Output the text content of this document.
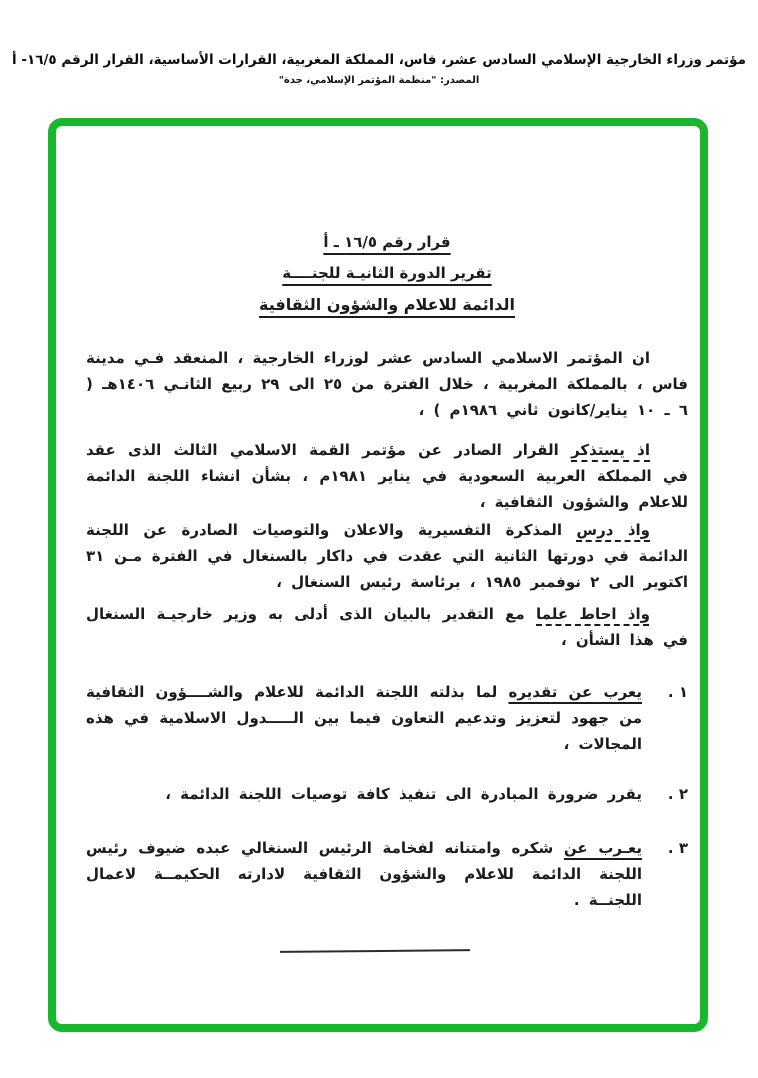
مؤتمر وزراء الخارجية الإسلامي السادس عشر، فاس، المملكة المغربية، القرارات الأساسية، القرار الرقم ١٦/٥- أ
المصدر: "منظمة المؤتمر الإسلامي، جدة"
قرار رقم ١٦/٥ ـ أ
تقرير الدورة الثانيـة للجنــــة
الدائمة للاعلام والشؤون الثقافية

ان المؤتمر الاسلامي السادس عشر لوزراء الخارجية ، المنعقد فـي مدينة فاس ، بالمملكة المغربية ، خلال الفترة من ٢٥ الى ٢٩ ربيع الثانـي ١٤٠٦هـ ( ٦ ـ ١٠ يناير/كانون ثاني ١٩٨٦م ) ،

اذ يستذكر القرار الصادر عن مؤتمر القمة الاسلامي الثالث الذى عقد في المملكة العربية السعودية في يناير ١٩٨١م ، بشأن انشاء اللجنة الدائمة للاعلام والشؤون الثقافية ،

واذ درس المذكرة التفسيرية والاعلان والتوصيات الصادرة عن اللجنة الدائمة في دورتها الثانية التي عقدت في داكار بالسنغال في الفترة مـن ٣١ اكتوبر الى ٢ نوفمبر ١٩٨٥ ، برئاسة رئيس السنغال ،

واذ احاط علما مع التقدير بالبيان الذى أدلى به وزير خارجيـة السنغال في هذا الشأن ،

١ .
يعرب عن تقديره لما بذلته اللجنة الدائمة للاعلام والشــــؤون الثقافية من جهود لتعزيز وتدعيم التعاون فيما بين الـــــدول الاسلامية في هذه المجالات ،
٢ .
يقرر ضرورة المبادرة الى تنفيذ كافة توصيات اللجنة الدائمة ،
٣ .
يعـرب عن شكره وامتنانه لفخامة الرئيس السنغالي عبده ضيوف رئيس اللجنة الدائمة للاعلام والشؤون الثقافية لادارته الحكيمــة لاعمال اللجنــة .
